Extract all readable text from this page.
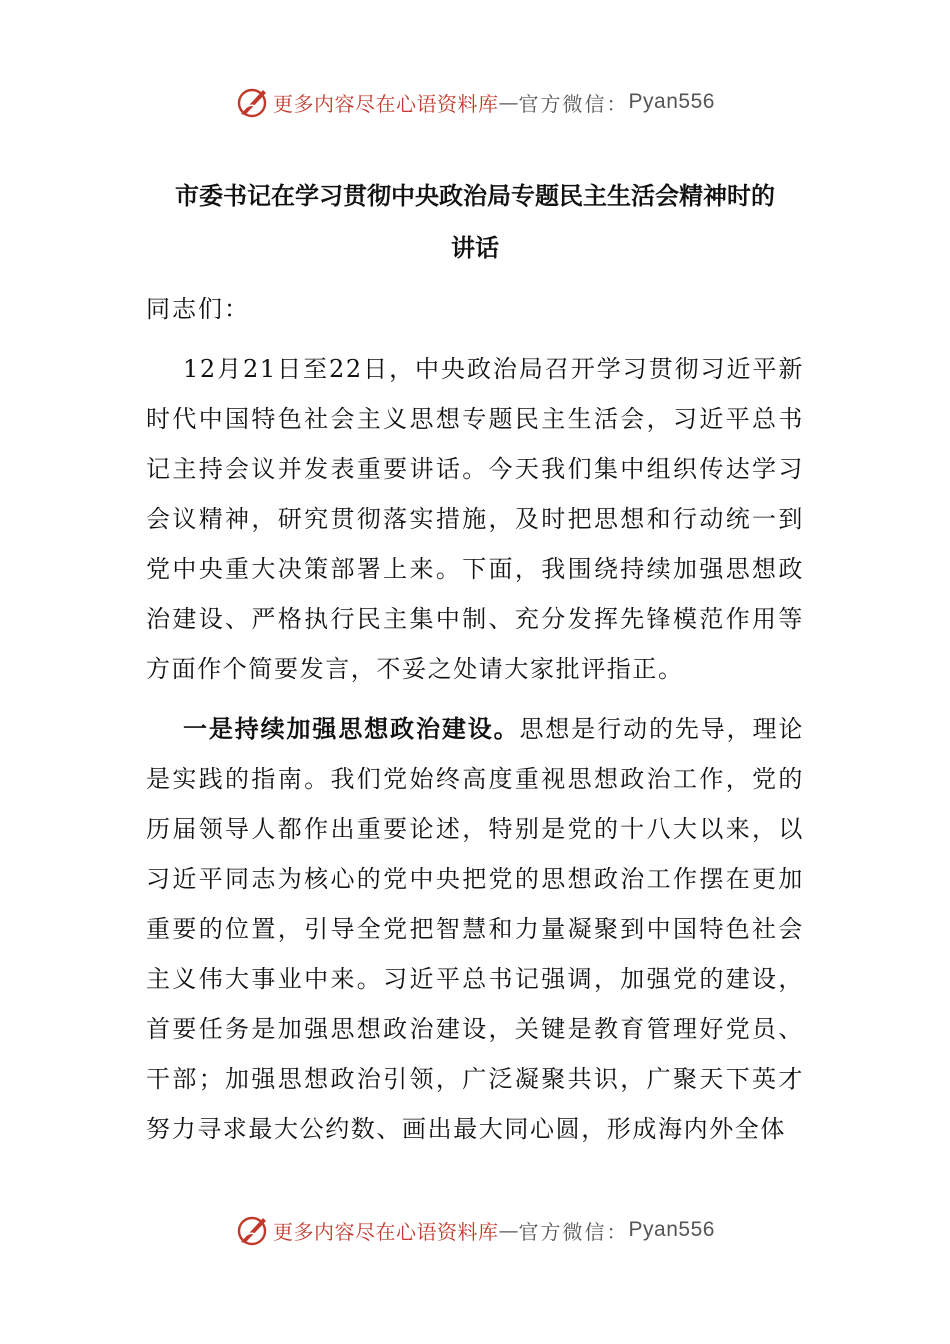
更多内容尽在心语资料库 — 官方微信： Pyan556
市委书记在学习贯彻中央政治局专题民主生活会精神时的
讲话

同志们：

12月21日至22日，中央政治局召开学习贯彻习近平新时代中国特色社会主义思想专题民主生活会，习近平总书记主持会议并发表重要讲话。今天我们集中组织传达学习会议精神，研究贯彻落实措施，及时把思想和行动统一到党中央重大决策部署上来。下面，我围绕持续加强思想政治建设、严格执行民主集中制、充分发挥先锋模范作用等方面作个简要发言，不妥之处请大家批评指正。

一是持续加强思想政治建设。思想是行动的先导，理论是实践的指南。我们党始终高度重视思想政治工作，党的历届领导人都作出重要论述，特别是党的十八大以来，以习近平同志为核心的党中央把党的思想政治工作摆在更加重要的位置，引导全党把智慧和力量凝聚到中国特色社会主义伟大事业中来。习近平总书记强调，加强党的建设，首要任务是加强思想政治建设，关键是教育管理好党员、干部；加强思想政治引领，广泛凝聚共识，广聚天下英才努力寻求最大公约数、画出最大同心圆，形成海内外全体

更多内容尽在心语资料库 — 官方微信： Pyan556
